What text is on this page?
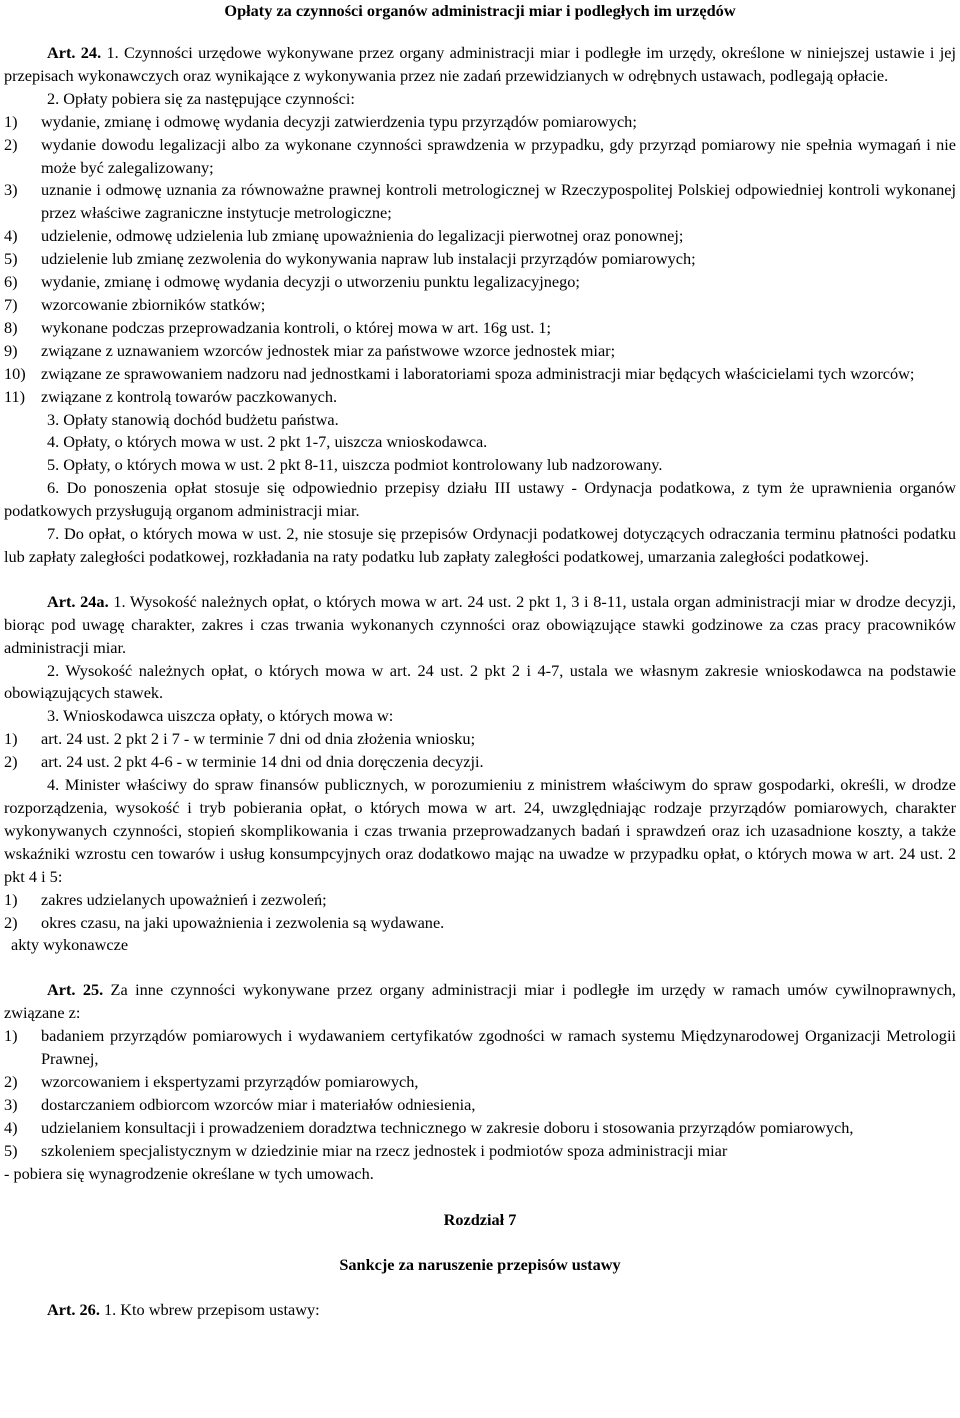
Opłaty za czynności organów administracji miar i podległych im urzędów

Art. 24. 1. Czynności urzędowe wykonywane przez organy administracji miar i podległe im urzędy, określone w niniejszej ustawie i jej przepisach wykonawczych oraz wynikające z wykonywania przez nie zadań przewidzianych w odrębnych ustawach, podlegają opłacie.

2. Opłaty pobiera się za następujące czynności:

1)	wydanie, zmianę i odmowę wydania decyzji zatwierdzenia typu przyrządów pomiarowych;
2)	wydanie dowodu legalizacji albo za wykonane czynności sprawdzenia w przypadku, gdy przyrząd pomiarowy nie spełnia wymagań i nie może być zalegalizowany;
3)	uznanie i odmowę uznania za równoważne prawnej kontroli metrologicznej w Rzeczypospolitej Polskiej odpowiedniej kontroli wykonanej przez właściwe zagraniczne instytucje metrologiczne;
4)	udzielenie, odmowę udzielenia lub zmianę upoważnienia do legalizacji pierwotnej oraz ponownej;
5)	udzielenie lub zmianę zezwolenia do wykonywania napraw lub instalacji przyrządów pomiarowych;
6)	wydanie, zmianę i odmowę wydania decyzji o utworzeniu punktu legalizacyjnego;
7)	wzorcowanie zbiorników statków;
8)	wykonane podczas przeprowadzania kontroli, o której mowa w art. 16g ust. 1;
9)	związane z uznawaniem wzorców jednostek miar za państwowe wzorce jednostek miar;
10) związane ze sprawowaniem nadzoru nad jednostkami i laboratoriami spoza administracji miar będących właścicielami tych wzorców;
11) związane z kontrolą towarów paczkowanych.

3. Opłaty stanowią dochód budżetu państwa.

4. Opłaty, o których mowa w ust. 2 pkt 1-7, uiszcza wnioskodawca.

5. Opłaty, o których mowa w ust. 2 pkt 8-11, uiszcza podmiot kontrolowany lub nadzorowany.

6. Do ponoszenia opłat stosuje się odpowiednio przepisy działu III ustawy - Ordynacja podatkowa, z tym że uprawnienia organów podatkowych przysługują organom administracji miar.

7. Do opłat, o których mowa w ust. 2, nie stosuje się przepisów Ordynacji podatkowej dotyczących odraczania terminu płatności podatku lub zapłaty zaległości podatkowej, rozkładania na raty podatku lub zapłaty zaległości podatkowej, umarzania zaległości podatkowej.

Art. 24a. 1. Wysokość należnych opłat, o których mowa w art. 24 ust. 2 pkt 1, 3 i 8-11, ustala organ administracji miar w drodze decyzji, biorąc pod uwagę charakter, zakres i czas trwania wykonanych czynności oraz obowiązujące stawki godzinowe za czas pracy pracowników administracji miar.

2. Wysokość należnych opłat, o których mowa w art. 24 ust. 2 pkt 2 i 4-7, ustala we własnym zakresie wnioskodawca na podstawie obowiązujących stawek.

3. Wnioskodawca uiszcza opłaty, o których mowa w:

1)	art. 24 ust. 2 pkt 2 i 7 - w terminie 7 dni od dnia złożenia wniosku;
2)	art. 24 ust. 2 pkt 4-6 - w terminie 14 dni od dnia doręczenia decyzji.

4. Minister właściwy do spraw finansów publicznych, w porozumieniu z ministrem właściwym do spraw gospodarki, określi, w drodze rozporządzenia, wysokość i tryb pobierania opłat, o których mowa w art. 24, uwzględniając rodzaje przyrządów pomiarowych, charakter wykonywanych czynności, stopień skomplikowania i czas trwania przeprowadzanych badań i sprawdzeń oraz ich uzasadnione koszty, a także wskaźniki wzrostu cen towarów i usług konsumpcyjnych oraz dodatkowo mając na uwadze w przypadku opłat, o których mowa w art. 24 ust. 2 pkt 4 i 5:

1)	zakres udzielanych upoważnień i zezwoleń;
2)	okres czasu, na jaki upoważnienia i zezwolenia są wydawane.

akty wykonawcze

Art. 25. Za inne czynności wykonywane przez organy administracji miar i podległe im urzędy w ramach umów cywilnoprawnych, związane z:

1)	badaniem przyrządów pomiarowych i wydawaniem certyfikatów zgodności w ramach systemu Międzynarodowej Organizacji Metrologii Prawnej,
2)	wzorcowaniem i ekspertyzami przyrządów pomiarowych,
3)	dostarczaniem odbiorcom wzorców miar i materiałów odniesienia,
4)	udzielaniem konsultacji i prowadzeniem doradztwa technicznego w zakresie doboru i stosowania przyrządów pomiarowych,
5)	szkoleniem specjalistycznym w dziedzinie miar na rzecz jednostek i podmiotów spoza administracji miar

- pobiera się wynagrodzenie określane w tych umowach.

Rozdział 7

Sankcje za naruszenie przepisów ustawy

Art. 26. 1. Kto wbrew przepisom ustawy:
